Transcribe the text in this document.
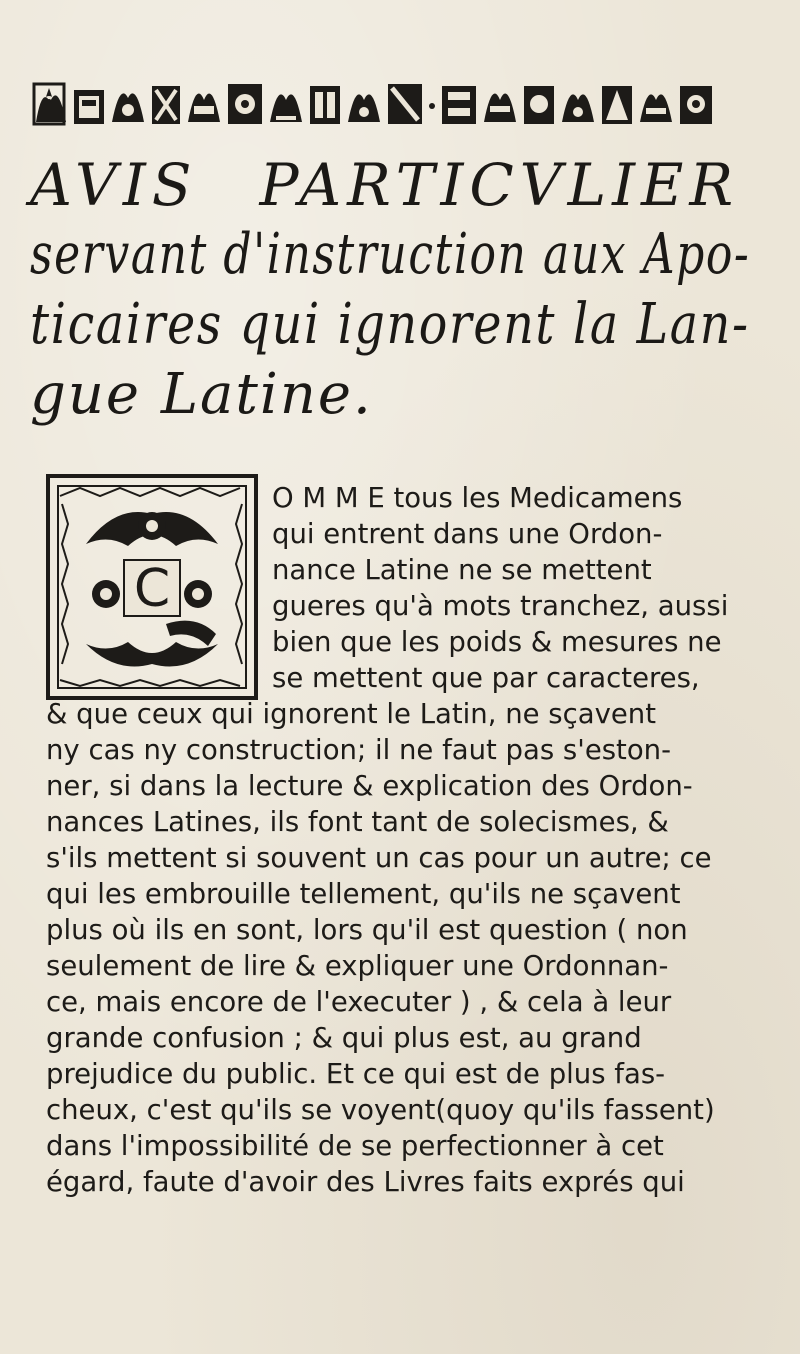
AVIS PARTICVLIER
servant d'instruction aux Apo-
ticaires qui ignorent la Lan-
gue Latine.
C
O M M E tous les Medicamens
qui entrent dans une Ordon-
nance Latine ne se mettent
gueres qu'à mots tranchez, aussi
bien que les poids & mesures ne
se mettent que par caracteres,
& que ceux qui ignorent le Latin, ne sçavent
ny cas ny construction; il ne faut pas s'eston-
ner, si dans la lecture & explication des Ordon-
nances Latines, ils font tant de solecismes, &
s'ils mettent si souvent un cas pour un autre; ce
qui les embrouille tellement, qu'ils ne sçavent
plus où ils en sont, lors qu'il est question ( non
seulement de lire & expliquer une Ordonnan-
ce, mais encore de l'executer ) , & cela à leur
grande confusion ; & qui plus est, au grand
prejudice du public. Et ce qui est de plus fas-
cheux, c'est qu'ils se voyent(quoy qu'ils fassent)
dans l'impossibilité de se perfectionner à cet
égard, faute d'avoir des Livres faits exprés qui
